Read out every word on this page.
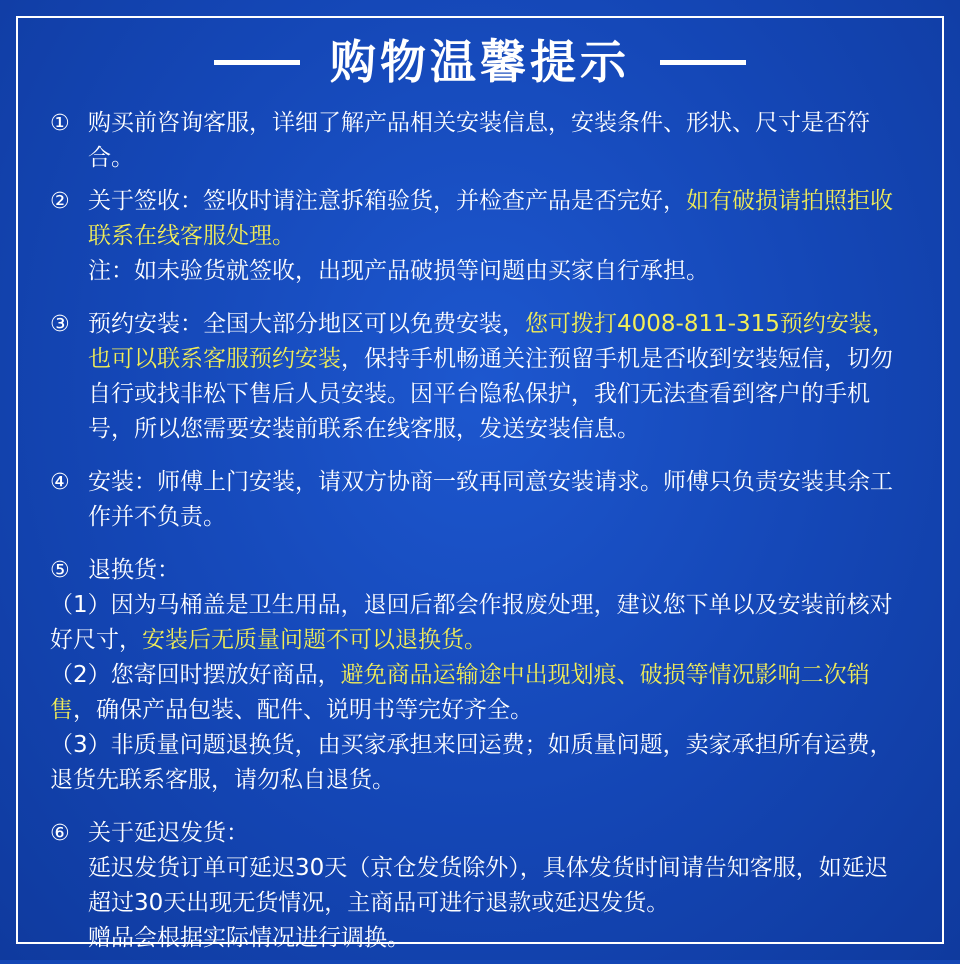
购物温馨提示
① 购买前咨询客服，详细了解产品相关安装信息，安装条件、形状、尺寸是否符合。
② 关于签收：签收时请注意拆箱验货，并检查产品是否完好，如有破损请拍照拒收联系在线客服处理。
注：如未验货就签收，出现产品破损等问题由买家自行承担。
③ 预约安装：全国大部分地区可以免费安装，您可拨打4008-811-315预约安装，也可以联系客服预约安装，保持手机畅通关注预留手机是否收到安装短信，切勿自行或找非松下售后人员安装。因平台隐私保护，我们无法查看到客户的手机号，所以您需要安装前联系在线客服，发送安装信息。
④ 安装：师傅上门安装，请双方协商一致再同意安装请求。师傅只负责安装其余工作并不负责。
⑤ 退换货：
（1）因为马桶盖是卫生用品，退回后都会作报废处理，建议您下单以及安装前核对好尺寸，安装后无质量问题不可以退换货。
（2）您寄回时摆放好商品，避免商品运输途中出现划痕、破损等情况影响二次销售，确保产品包装、配件、说明书等完好齐全。
（3）非质量问题退换货，由买家承担来回运费；如质量问题，卖家承担所有运费，退货先联系客服，请勿私自退货。
⑥ 关于延迟发货：
延迟发货订单可延迟30天（京仓发货除外），具体发货时间请告知客服，如延迟超过30天出现无货情况，主商品可进行退款或延迟发货。
赠品会根据实际情况进行调换。
